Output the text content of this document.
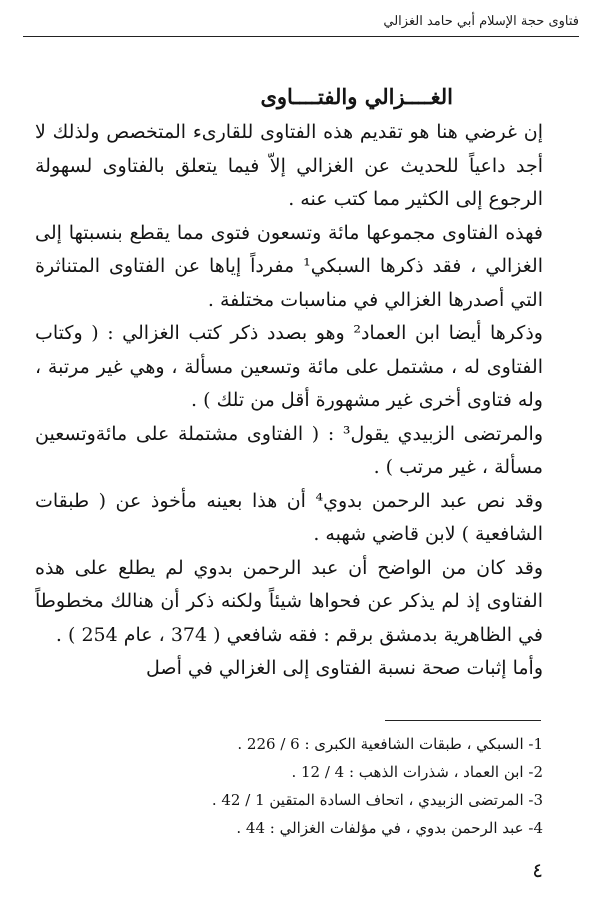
فتاوى حجة الإسلام أبي حامد الغزالي
الغــــزالي والفتــــاوى

إن غرضي هنا هو تقديم هذه الفتاوى للقارىء المتخصص ولذلك لا أجد داعياً للحديث عن الغزالي إلاّ فيما يتعلق بالفتاوى لسهولة الرجوع إلى الكثير مما كتب عنه .

فهذه الفتاوى مجموعها مائة وتسعون فتوى مما يقطع بنسبتها إلى الغزالي ، فقد ذكرها السبكي¹ مفرداً إياها عن الفتاوى المتناثرة التي أصدرها الغزالي في مناسبات مختلفة .

وذكرها أيضا ابن العماد² وهو بصدد ذكر كتب الغزالي : ( وكتاب الفتاوى له ، مشتمل على مائة وتسعين مسألة ، وهي غير مرتبة ، وله فتاوى أخرى غير مشهورة أقل من تلك ) .

والمرتضى الزبيدي يقول³ : ( الفتاوى مشتملة على مائةوتسعين مسألة ، غير مرتب ) .

وقد نص عبد الرحمن بدوي⁴ أن هذا بعينه مأخوذ عن ( طبقات الشافعية ) لابن قاضي شهبه .

وقد كان من الواضح أن عبد الرحمن بدوي لم يطلع على هذه الفتاوى إذ لم يذكر عن فحواها شيئاً ولكنه ذكر أن هنالك مخطوطاً في الظاهرية بدمشق برقم : فقه شافعي ( 374 ، عام 254 ) .

وأما إثبات صحة نسبة الفتاوى إلى الغزالي في أصل

1- السبكي ، طبقات الشافعية الكبرى : 6 / 226 .
2- ابن العماد ، شذرات الذهب : 4 / 12 .
3- المرتضى الزبيدي ، اتحاف السادة المتقين 1 / 42 .
4- عبد الرحمن بدوي ، في مؤلفات الغزالي : 44 .
٤
